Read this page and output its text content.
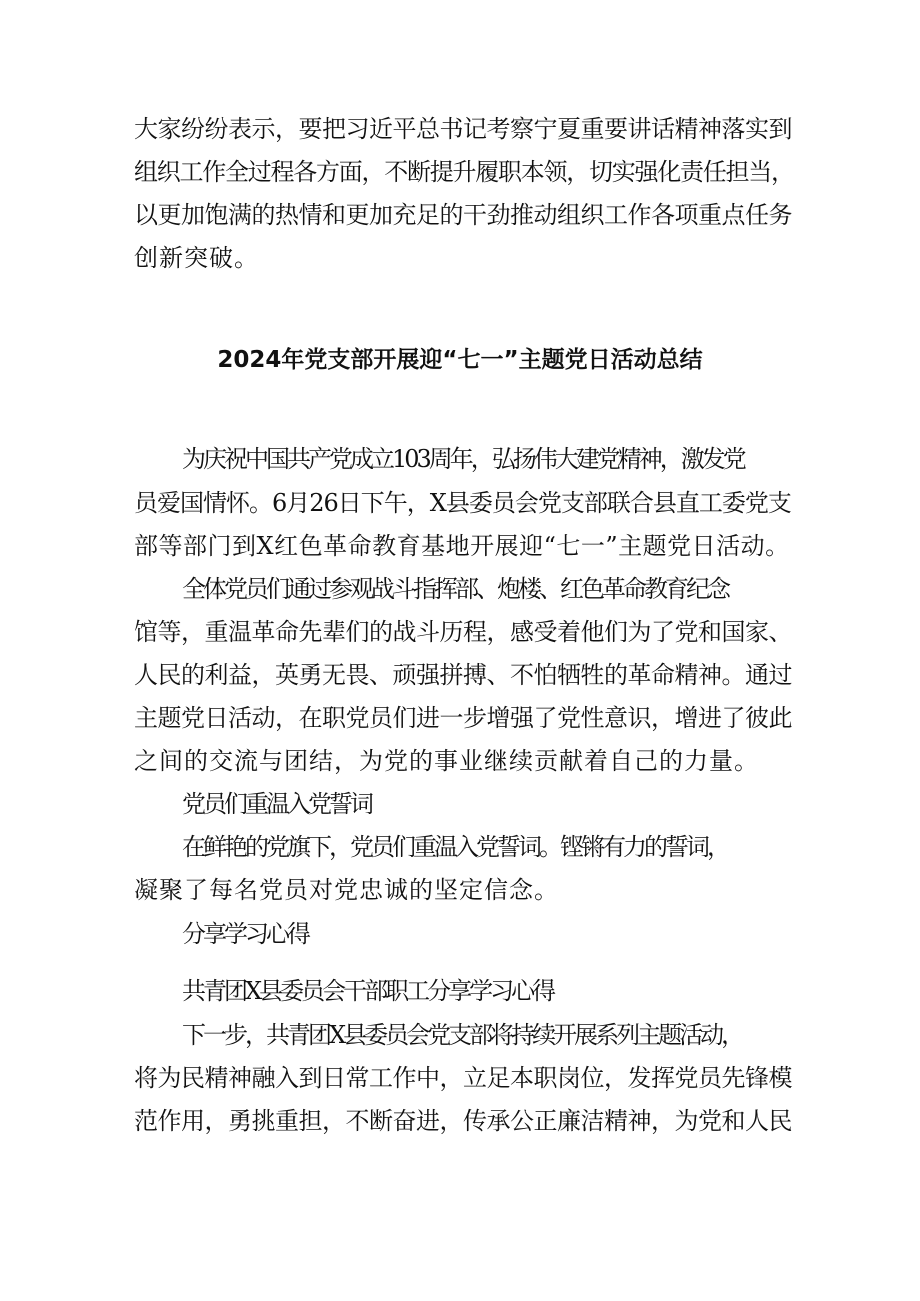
大家纷纷表示，要把习近平总书记考察宁夏重要讲话精神落实到
组织工作全过程各方面，不断提升履职本领，切实强化责任担当，
以更加饱满的热情和更加充足的干劲推动组织工作各项重点任务
创新突破。
2024年党支部开展迎“七一”主题党日活动总结
为庆祝中国共产党成立103周年，弘扬伟大建党精神，激发党
员爱国情怀。6月26日下午，X县委员会党支部联合县直工委党支
部等部门到X红色革命教育基地开展迎“七一”主题党日活动。
全体党员们通过参观战斗指挥部、炮楼、红色革命教育纪念
馆等，重温革命先辈们的战斗历程，感受着他们为了党和国家、
人民的利益，英勇无畏、顽强拼搏、不怕牺牲的革命精神。通过
主题党日活动，在职党员们进一步增强了党性意识，增进了彼此
之间的交流与团结，为党的事业继续贡献着自己的力量。
党员们重温入党誓词
在鲜艳的党旗下，党员们重温入党誓词。铿锵有力的誓词，
凝聚了每名党员对党忠诚的坚定信念。
分享学习心得
共青团X县委员会干部职工分享学习心得
下一步，共青团X县委员会党支部将持续开展系列主题活动，
将为民精神融入到日常工作中，立足本职岗位，发挥党员先锋模
范作用，勇挑重担，不断奋进，传承公正廉洁精神，为党和人民
